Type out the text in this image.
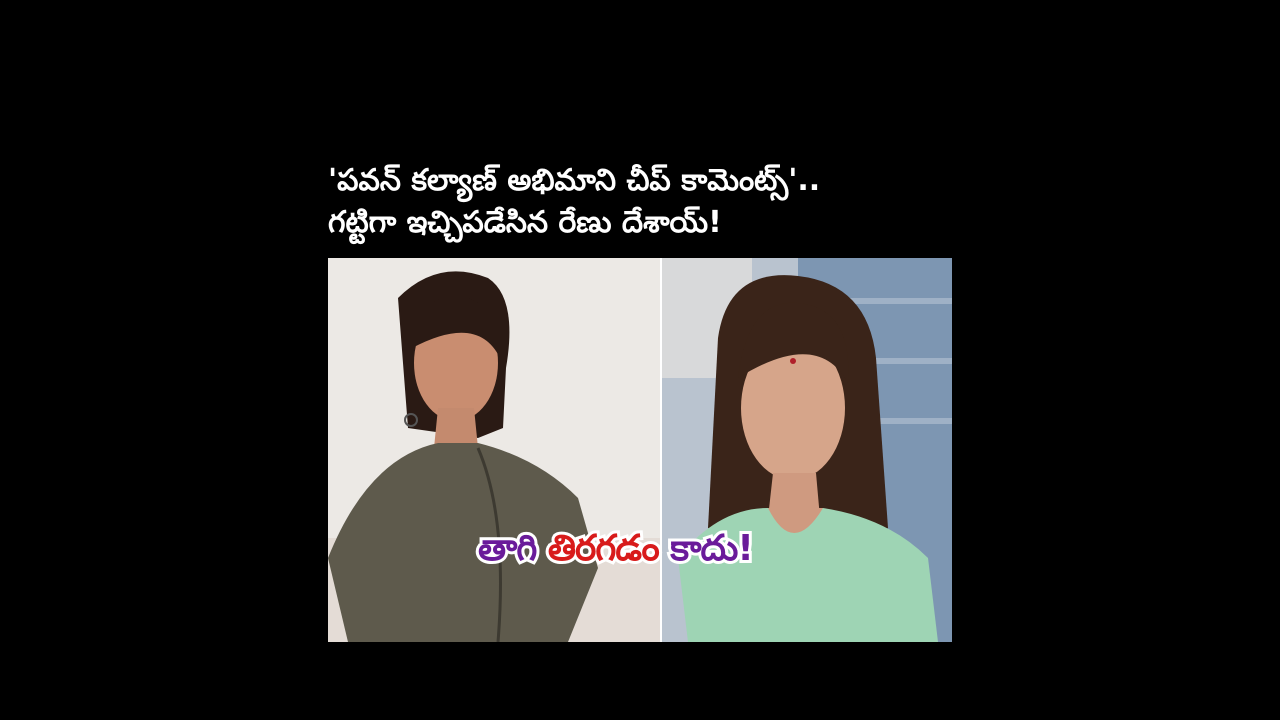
'పవన్ కల్యాణ్ అభిమాని చీప్ కామెంట్స్'..
గట్టిగా ఇచ్చిపడేసిన రేణు దేశాయ్!
తాగి తిరగడం కాదు!
